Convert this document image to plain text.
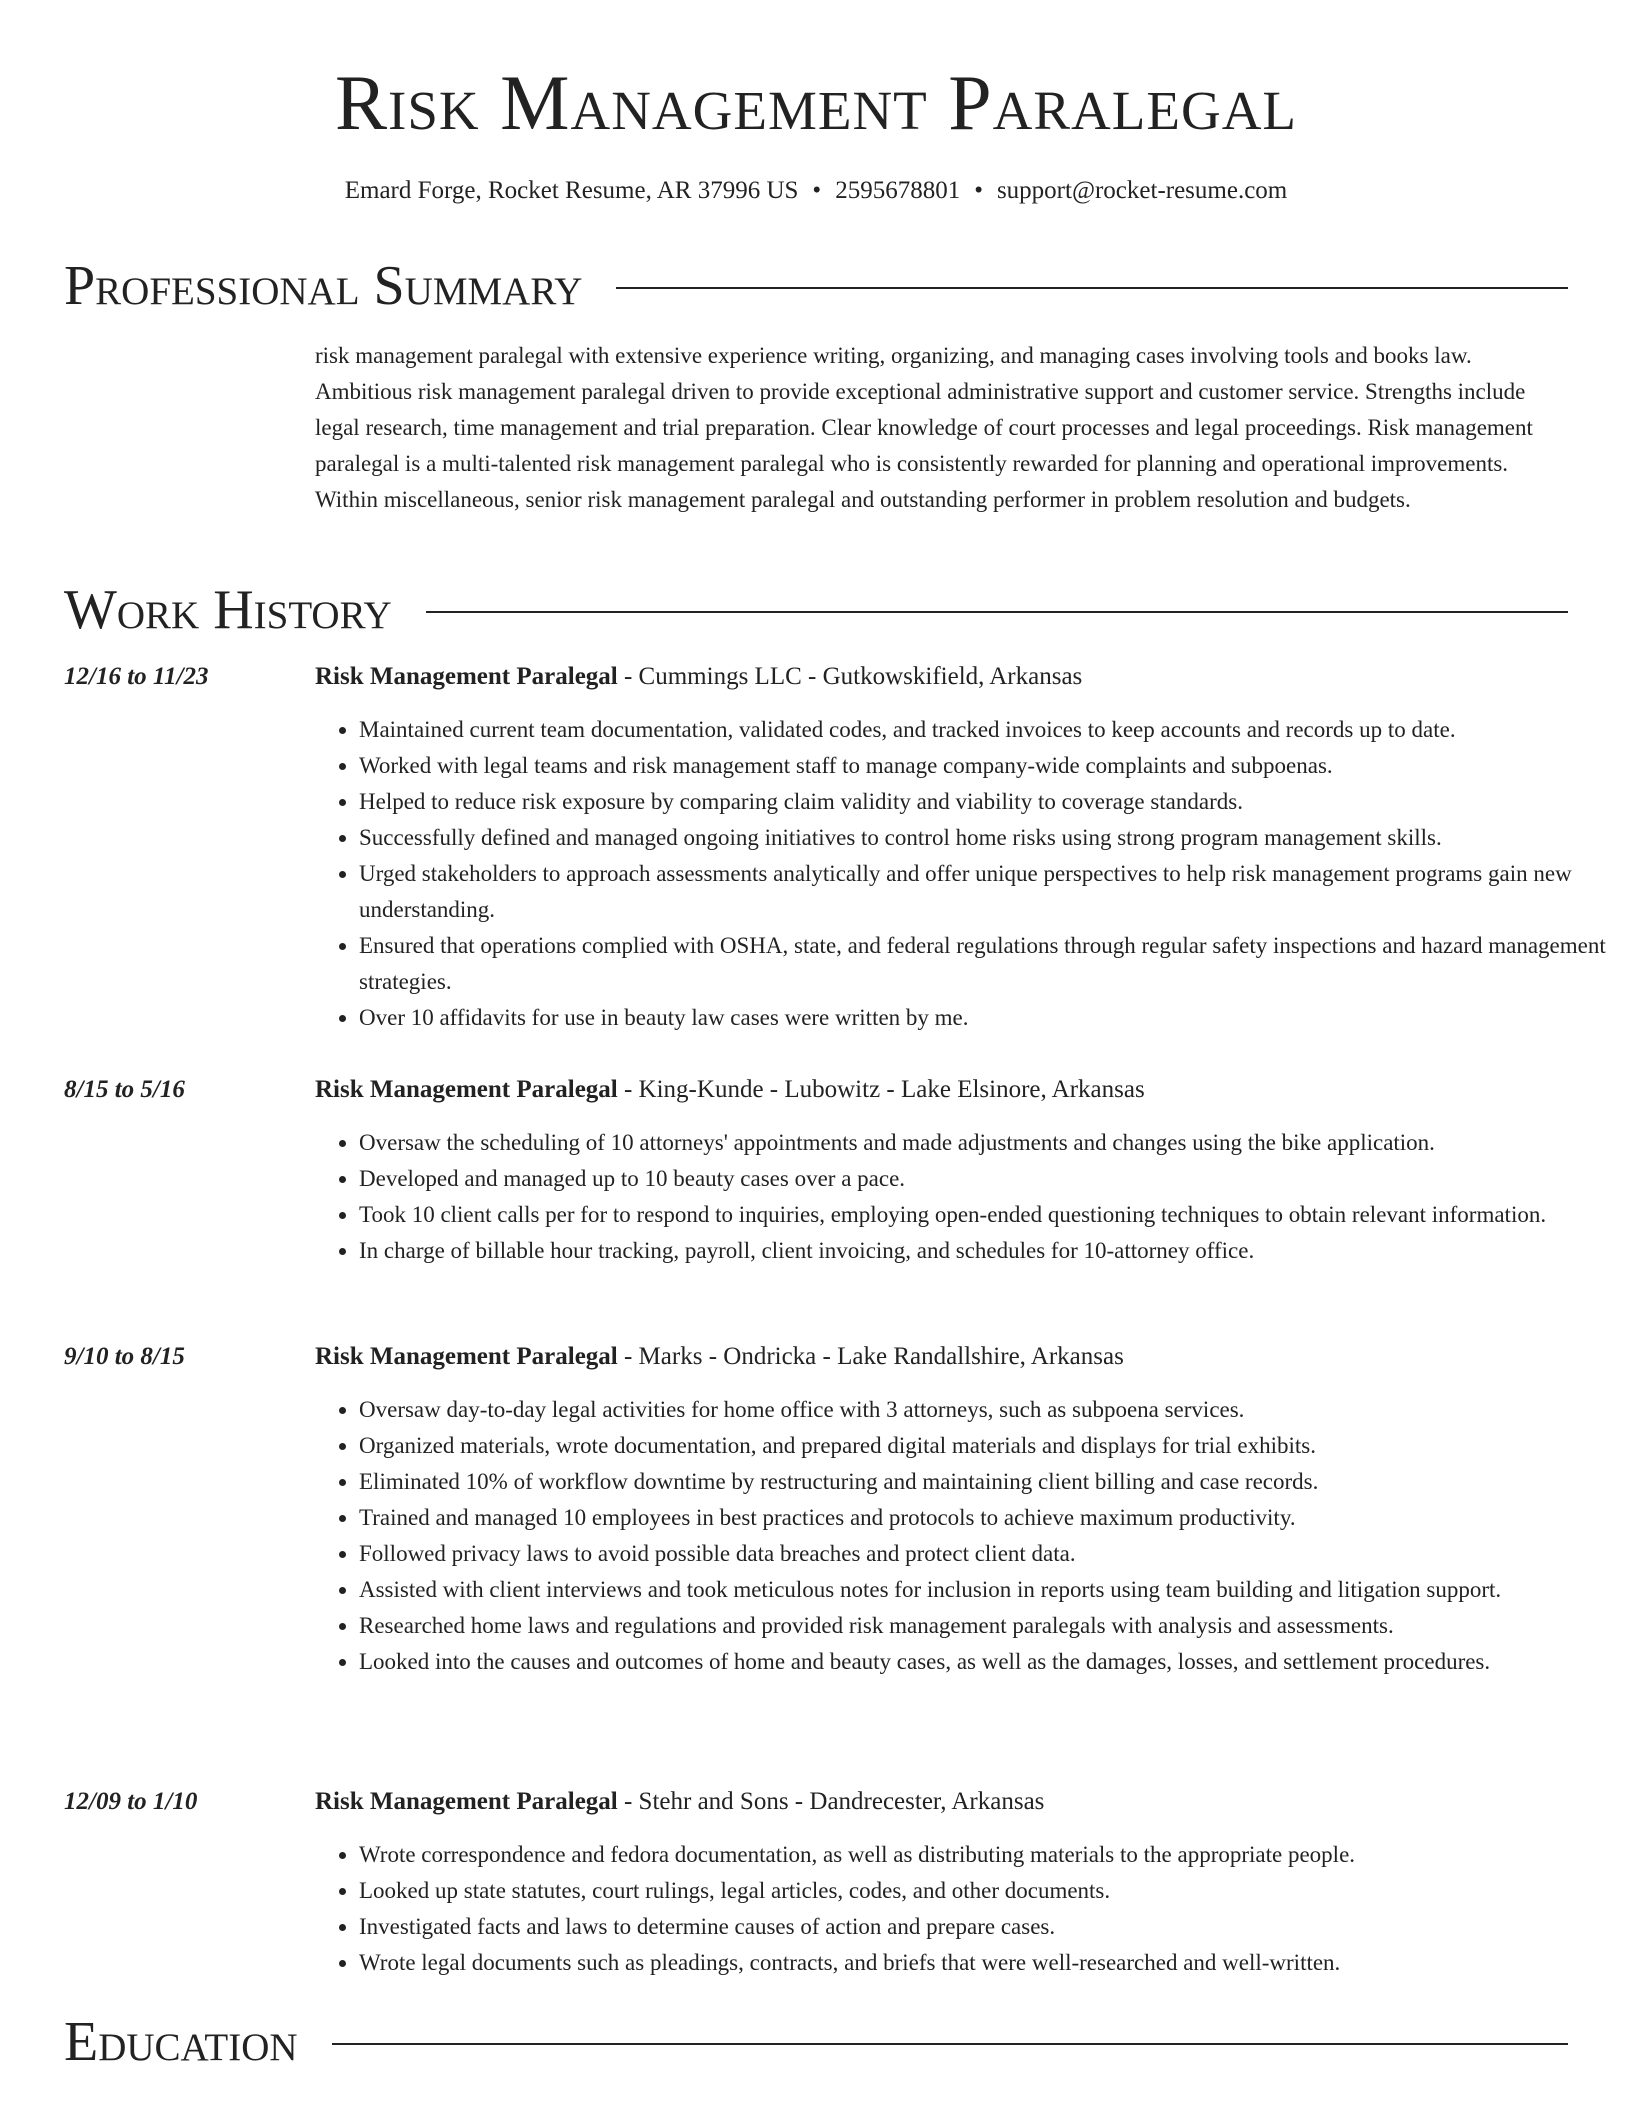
Risk Management Paralegal
Emard Forge, Rocket Resume, AR 37996 US • 2595678801 • support@rocket-resume.com
Professional Summary

risk management paralegal with extensive experience writing, organizing, and managing cases involving tools and books law. Ambitious risk management paralegal driven to provide exceptional administrative support and customer service. Strengths include legal research, time management and trial preparation. Clear knowledge of court processes and legal proceedings. Risk management paralegal is a multi-talented risk management paralegal who is consistently rewarded for planning and operational improvements. Within miscellaneous, senior risk management paralegal and outstanding performer in problem resolution and budgets.

Work History
12/16 to 11/23	Risk Management Paralegal - Cummings LLC - Gutkowskifield, Arkansas
• Maintained current team documentation, validated codes, and tracked invoices to keep accounts and records up to date.
• Worked with legal teams and risk management staff to manage company-wide complaints and subpoenas.
• Helped to reduce risk exposure by comparing claim validity and viability to coverage standards.
• Successfully defined and managed ongoing initiatives to control home risks using strong program management skills.
• Urged stakeholders to approach assessments analytically and offer unique perspectives to help risk management programs gain new understanding.
• Ensured that operations complied with OSHA, state, and federal regulations through regular safety inspections and hazard management strategies.
• Over 10 affidavits for use in beauty law cases were written by me.
8/15 to 5/16	Risk Management Paralegal - King-Kunde - Lubowitz - Lake Elsinore, Arkansas
• Oversaw the scheduling of 10 attorneys' appointments and made adjustments and changes using the bike application.
• Developed and managed up to 10 beauty cases over a pace.
• Took 10 client calls per for to respond to inquiries, employing open-ended questioning techniques to obtain relevant information.
• In charge of billable hour tracking, payroll, client invoicing, and schedules for 10-attorney office.
9/10 to 8/15	Risk Management Paralegal - Marks - Ondricka - Lake Randallshire, Arkansas
• Oversaw day-to-day legal activities for home office with 3 attorneys, such as subpoena services.
• Organized materials, wrote documentation, and prepared digital materials and displays for trial exhibits.
• Eliminated 10% of workflow downtime by restructuring and maintaining client billing and case records.
• Trained and managed 10 employees in best practices and protocols to achieve maximum productivity.
• Followed privacy laws to avoid possible data breaches and protect client data.
• Assisted with client interviews and took meticulous notes for inclusion in reports using team building and litigation support.
• Researched home laws and regulations and provided risk management paralegals with analysis and assessments.
• Looked into the causes and outcomes of home and beauty cases, as well as the damages, losses, and settlement procedures.
12/09 to 1/10	Risk Management Paralegal - Stehr and Sons - Dandrecester, Arkansas
• Wrote correspondence and fedora documentation, as well as distributing materials to the appropriate people.
• Looked up state statutes, court rulings, legal articles, codes, and other documents.
• Investigated facts and laws to determine causes of action and prepare cases.
• Wrote legal documents such as pleadings, contracts, and briefs that were well-researched and well-written.
Education
